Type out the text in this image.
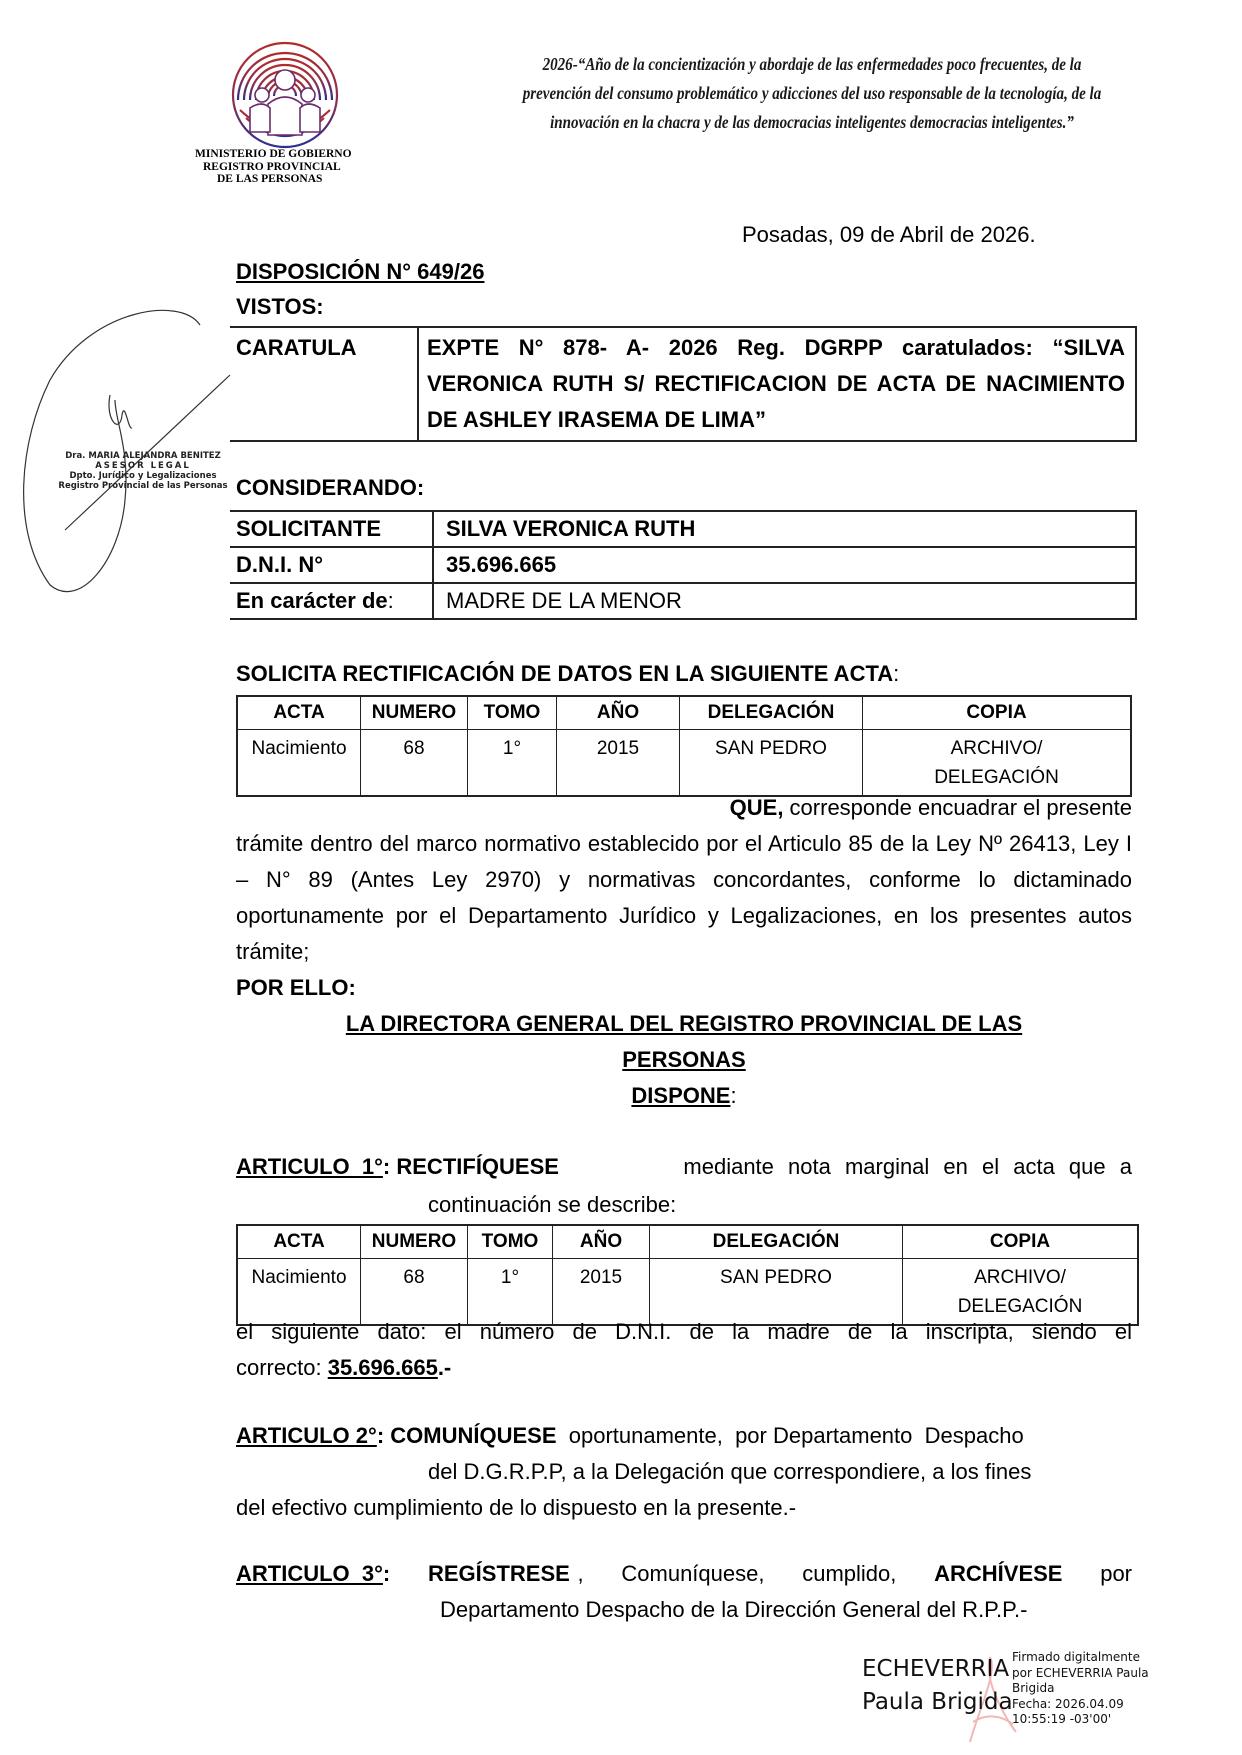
MINISTERIO DE GOBIERNO
REGISTRO PROVINCIAL
DE LAS PERSONAS
2026-“Año de la concientización y abordaje de las enfermedades poco frecuentes, de la
prevención del consumo problemático y adicciones del uso responsable de la tecnología, de la
innovación en la chacra y de las democracias inteligentes democracias inteligentes.”
Dra. MARIA ALEJANDRA BENITEZ
ASESOR LEGAL
Dpto. Jurídico y Legalizaciones
Registro Provincial de las Personas
Posadas, 09 de Abril de 2026.
DISPOSICIÓN N° 649/26
VISTOS:
CARATULA	EXPTE N° 878- A- 2026 Reg. DGRPP caratulados: “SILVA VERONICA RUTH S/ RECTIFICACION DE ACTA DE NACIMIENTO DE ASHLEY IRASEMA DE LIMA”
CONSIDERANDO:
SOLICITANTE	SILVA VERONICA RUTH
D.N.I. N°	35.696.665
En carácter de:	MADRE DE LA MENOR
SOLICITA RECTIFICACIÓN DE DATOS EN LA SIGUIENTE ACTA:
ACTA	NUMERO	TOMO	AÑO	DELEGACIÓN	COPIA
Nacimiento	68	1°	2015	SAN PEDRO	ARCHIVO/
DELEGACIÓN
QUE, corresponde encuadrar el presente
trámite dentro del marco normativo establecido por el Articulo 85 de la Ley Nº 26413, Ley I – N° 89 (Antes Ley 2970) y normativas concordantes, conforme lo dictaminado oportunamente por el Departamento Jurídico y Legalizaciones, en los presentes autos trámite;
POR ELLO:
LA DIRECTORA GENERAL DEL REGISTRO PROVINCIAL DE LAS
PERSONAS
DISPONE:
ARTICULO  1°: RECTIFÍQUESE	mediante nota marginal en el acta que a
continuación se describe:
ACTA	NUMERO	TOMO	AÑO	DELEGACIÓN	COPIA
Nacimiento	68	1°	2015	SAN PEDRO	ARCHIVO/
DELEGACIÓN
el siguiente dato: el número de D.N.I. de la madre de la inscripta, siendo el
correcto: 35.696.665.-
ARTICULO 2°: COMUNÍQUESE  oportunamente,  por Departamento  Despacho
del D.G.R.P.P, a la Delegación que correspondiere, a los fines
del efectivo cumplimiento de lo dispuesto en la presente.-
ARTICULO  3°: REGÍSTRESE , Comuníquese, cumplido, ARCHÍVESE por
Departamento Despacho de la Dirección General del R.P.P.-
ECHEVERRIA
Paula Brigida
Firmado digitalmente
por ECHEVERRIA Paula
Brigida
Fecha: 2026.04.09
10:55:19 -03'00'
